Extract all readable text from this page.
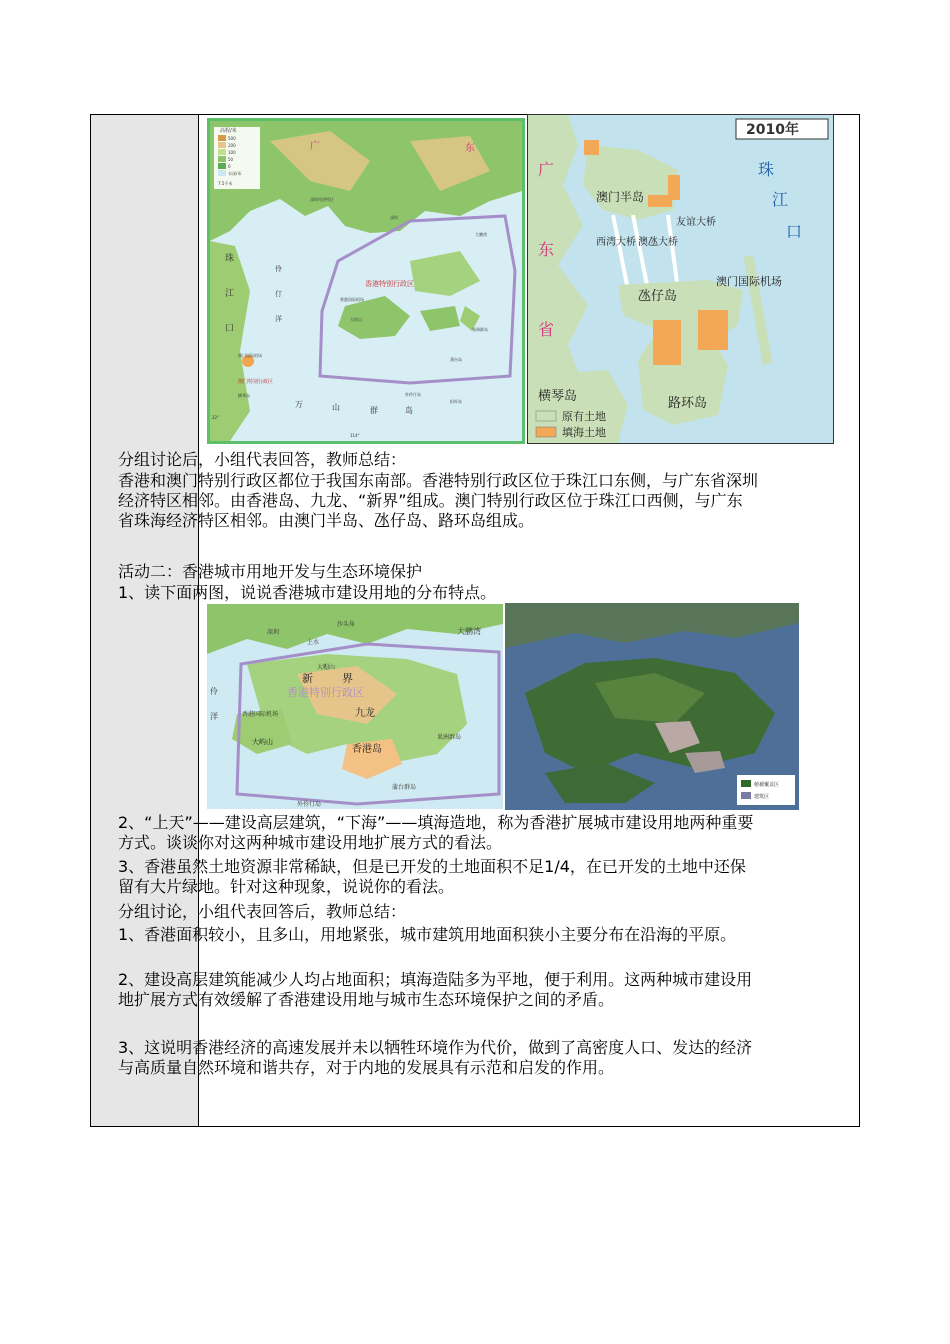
高程/米
500
200
100
50
0
水深/米
7.5千米
广	东
深圳经济特区
深圳
珠
江
口
伶
仃
洋
香港特别行政区
香港国际机场
大屿山
澳门国际机场
澳门特别行政区
横琴岛
万	山	群	岛
果洲群岛
大鹏湾
蒲台岛
外伶仃岛
担杆岛
114°
22°
2010年
广
东
省
珠
江
口
澳门半岛
西湾大桥 澳氹大桥
友谊大桥
澳门国际机场
氹仔岛
路环岛
横琴岛
原有土地
填海土地
分组讨论后，小组代表回答，教师总结：
香港和澳门特别行政区都位于我国东南部。香港特别行政区位于珠江口东侧，与广东省深圳经济特区相邻。由香港岛、九龙、“新界”组成。澳门特别行政区位于珠江口西侧，与广东省珠海经济特区相邻。由澳门半岛、氹仔岛、路环岛组成。
活动二：香港城市用地开发与生态环境保护
1、读下面两图，说说香港城市建设用地的分布特点。
深圳
沙头角
上水
大帽山
新	界
香港特别行政区
香港国际机场	九龙
香港岛
大屿山
果洲群岛
蒲台群岛
外伶仃岛
大鹏湾
洋
伶
植被覆盖区
建筑区
2、“上天”——建设高层建筑，“下海”——填海造地，称为香港扩展城市建设用地两种重要方式。谈谈你对这两种城市建设用地扩展方式的看法。
3、香港虽然土地资源非常稀缺，但是已开发的土地面积不足1/4，在已开发的土地中还保留有大片绿地。针对这种现象，说说你的看法。
分组讨论，小组代表回答后，教师总结：
1、香港面积较小，且多山，用地紧张，城市建筑用地面积狭小主要分布在沿海的平原。
2、建设高层建筑能减少人均占地面积；填海造陆多为平地，便于利用。这两种城市建设用地扩展方式有效缓解了香港建设用地与城市生态环境保护之间的矛盾。
3、这说明香港经济的高速发展并未以牺牲环境作为代价，做到了高密度人口、发达的经济与高质量自然环境和谐共存，对于内地的发展具有示范和启发的作用。
